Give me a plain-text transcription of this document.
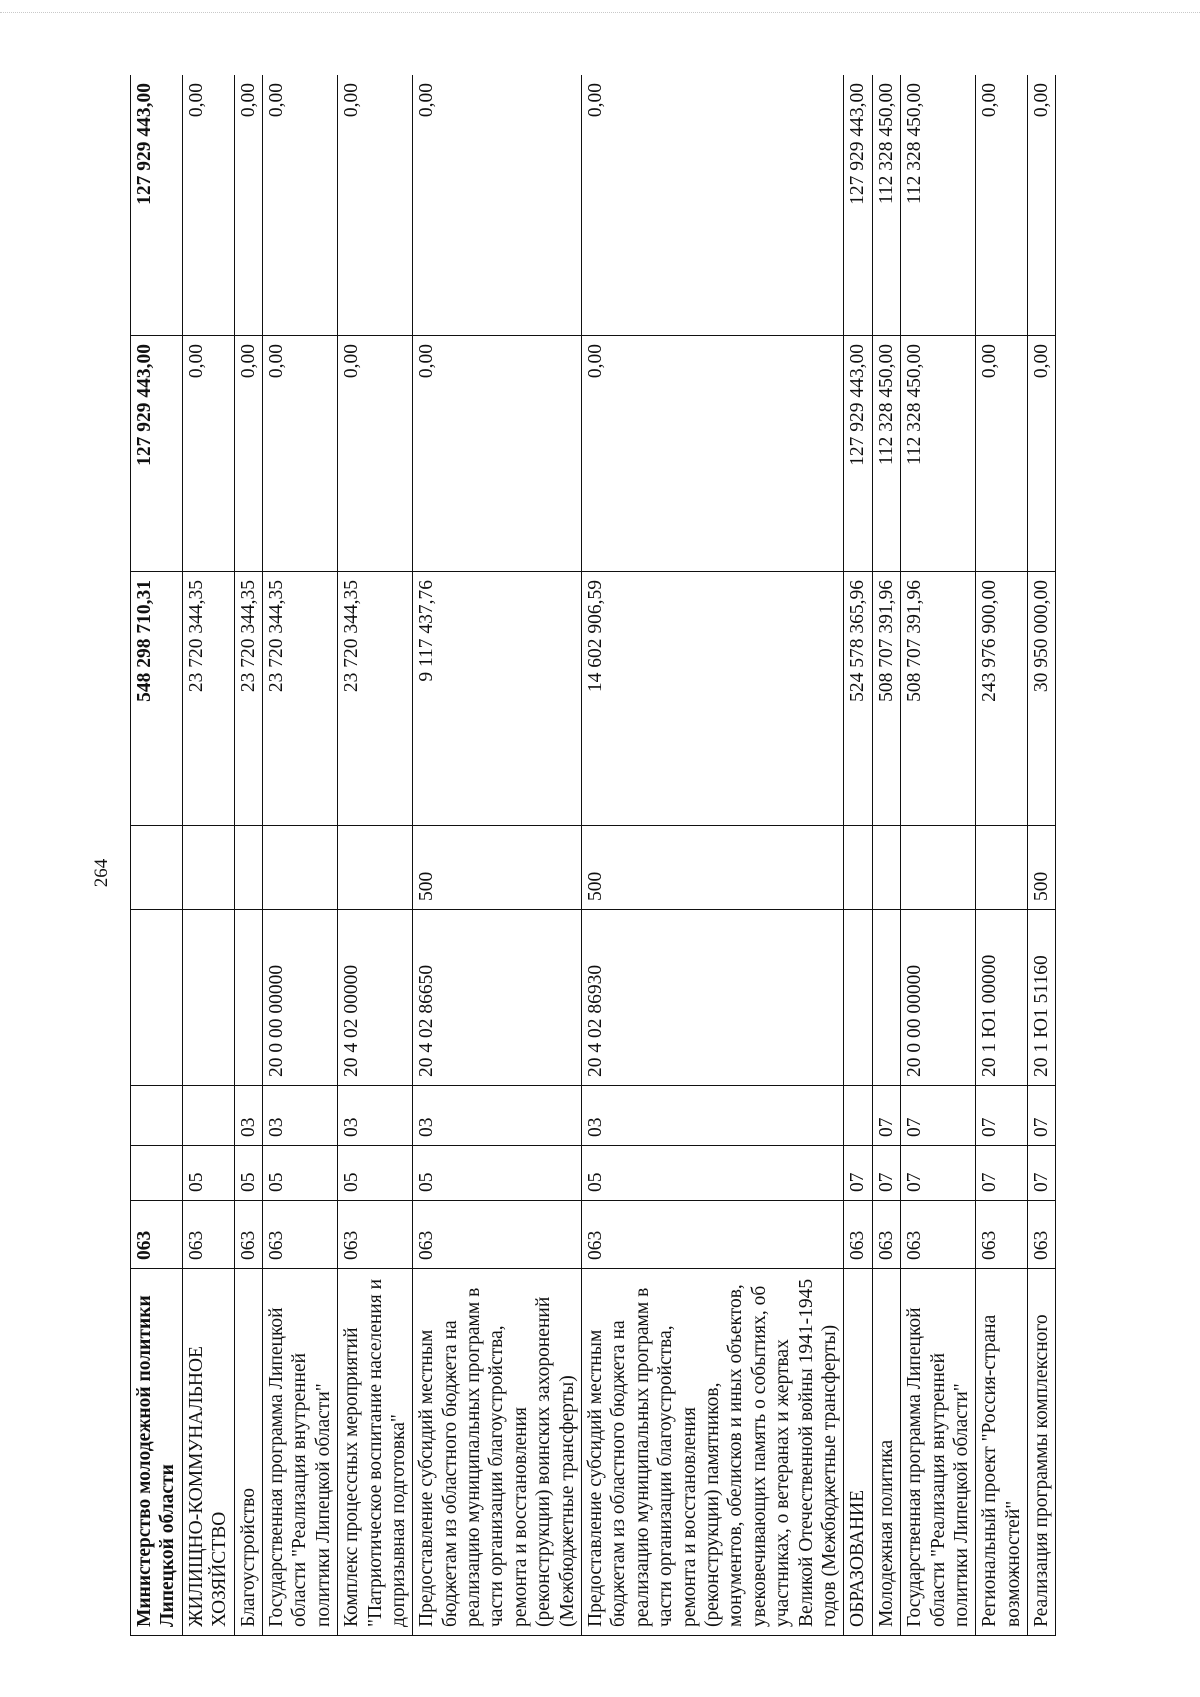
264
Министерство молодежной политики Липецкой области	063					548 298 710,31	127 929 443,00	127 929 443,00
ЖИЛИЩНО-КОММУНАЛЬНОЕ ХОЗЯЙСТВО	063	05				23 720 344,35	0,00	0,00
Благоустройство	063	05	03			23 720 344,35	0,00	0,00
Государственная программа Липецкой области "Реализация внутренней политики Липецкой области"	063	05	03	20 0 00 00000		23 720 344,35	0,00	0,00
Комплекс процессных мероприятий "Патриотическое воспитание населения и допризывная подготовка"	063	05	03	20 4 02 00000		23 720 344,35	0,00	0,00
Предоставление субсидий местным бюджетам из областного бюджета на реализацию муниципальных программ в части организации благоустройства, ремонта и восстановления (реконструкции) воинских захоронений (Межбюджетные трансферты)	063	05	03	20 4 02 86650	500	9 117 437,76	0,00	0,00
Предоставление субсидий местным бюджетам из областного бюджета на реализацию муниципальных программ в части организации благоустройства, ремонта и восстановления (реконструкции) памятников, монументов, обелисков и иных объектов, увековечивающих память о событиях, об участниках, о ветеранах и жертвах Великой Отечественной войны 1941-1945 годов (Межбюджетные трансферты)	063	05	03	20 4 02 86930	500	14 602 906,59	0,00	0,00
ОБРАЗОВАНИЕ	063	07				524 578 365,96	127 929 443,00	127 929 443,00
Молодежная политика	063	07	07			508 707 391,96	112 328 450,00	112 328 450,00
Государственная программа Липецкой области "Реализация внутренней политики Липецкой области"	063	07	07	20 0 00 00000		508 707 391,96	112 328 450,00	112 328 450,00
Региональный проект "Россия-страна возможностей"	063	07	07	20 1 Ю1 00000		243 976 900,00	0,00	0,00
Реализация программы комплексного	063	07	07	20 1 Ю1 51160	500	30 950 000,00	0,00	0,00
